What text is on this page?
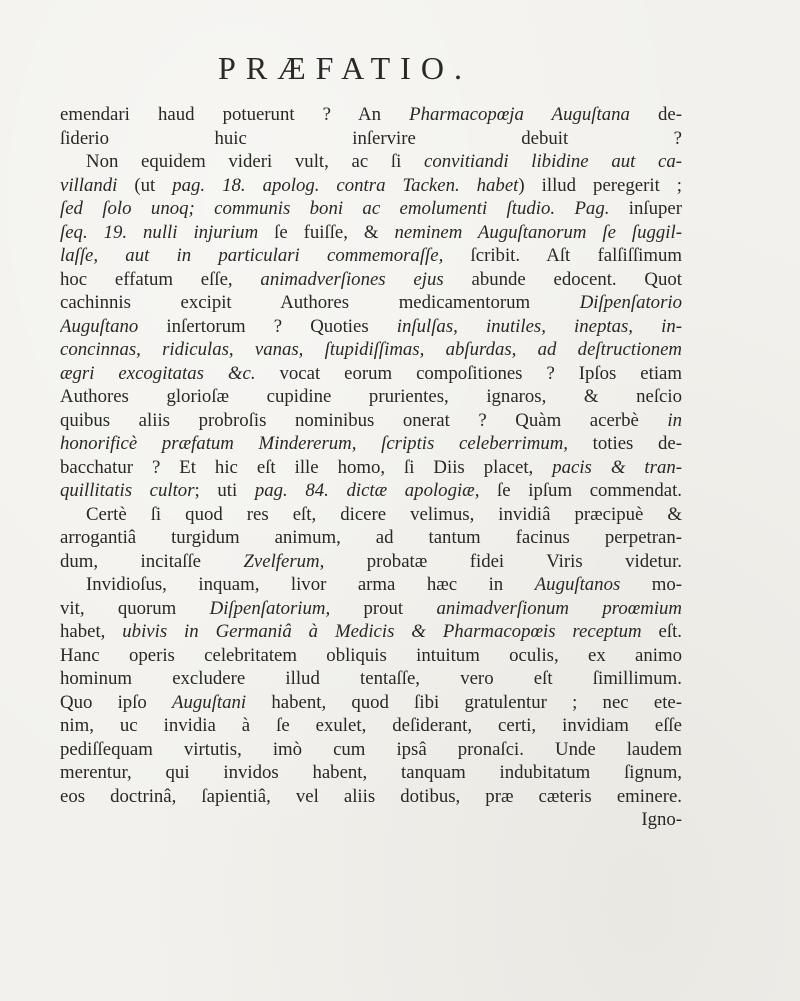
PRÆFATIO.
emendari haud potuerunt ? An Pharmacopœja Auguſtana de-
ſiderio huic inſervire debuit ?
Non equidem videri vult, ac ſi convitiandi libidine aut ca-
villandi (ut pag. 18. apolog. contra Tacken. habet) illud peregerit ;
ſed ſolo unoq; communis boni ac emolumenti ſtudio. Pag. inſuper
ſeq. 19. nulli injurium ſe fuiſſe, & neminem Auguſtanorum ſe ſuggil-
laſſe, aut in particulari commemoraſſe, ſcribit. Aſt falſiſſimum
hoc effatum eſſe, animadverſiones ejus abunde edocent. Quot
cachinnis excipit Authores medicamentorum Diſpenſatorio
Auguſtano inſertorum ? Quoties inſulſas, inutiles, ineptas, in-
concinnas, ridiculas, vanas, ſtupidiſſimas, abſurdas, ad deſtructionem
ægri excogitatas &c. vocat eorum compoſitiones ? Ipſos etiam
Authores glorioſæ cupidine prurientes, ignaros, & neſcio
quibus aliis probroſis nominibus onerat ? Quàm acerbè in
honorificè præfatum Mindererum, ſcriptis celeberrimum, toties de-
bacchatur ? Et hic eſt ille homo, ſi Diis placet, pacis & tran-
quillitatis cultor; uti pag. 84. dictæ apologiæ, ſe ipſum commendat.
Certè ſi quod res eſt, dicere velimus, invidiâ præcipuè &
arrogantiâ turgidum animum, ad tantum facinus perpetran-
dum, incitaſſe Zvelferum, probatæ fidei Viris videtur.
Invidioſus, inquam, livor arma hæc in Auguſtanos mo-
vit, quorum Diſpenſatorium, prout animadverſionum proœmium
habet, ubivis in Germaniâ à Medicis & Pharmacopœis receptum eſt.
Hanc operis celebritatem obliquis intuitum oculis, ex animo
hominum excludere illud tentaſſe, vero eſt ſimillimum.
Quo ipſo Auguſtani habent, quod ſibi gratulentur ; nec ete-
nim, uc invidia à ſe exulet, deſiderant, certi, invidiam eſſe
pediſſequam virtutis, imò cum ipsâ pronaſci. Unde laudem
merentur, qui invidos habent, tanquam indubitatum ſignum,
eos doctrinâ, ſapientiâ, vel aliis dotibus, præ cæteris eminere.
Igno-
